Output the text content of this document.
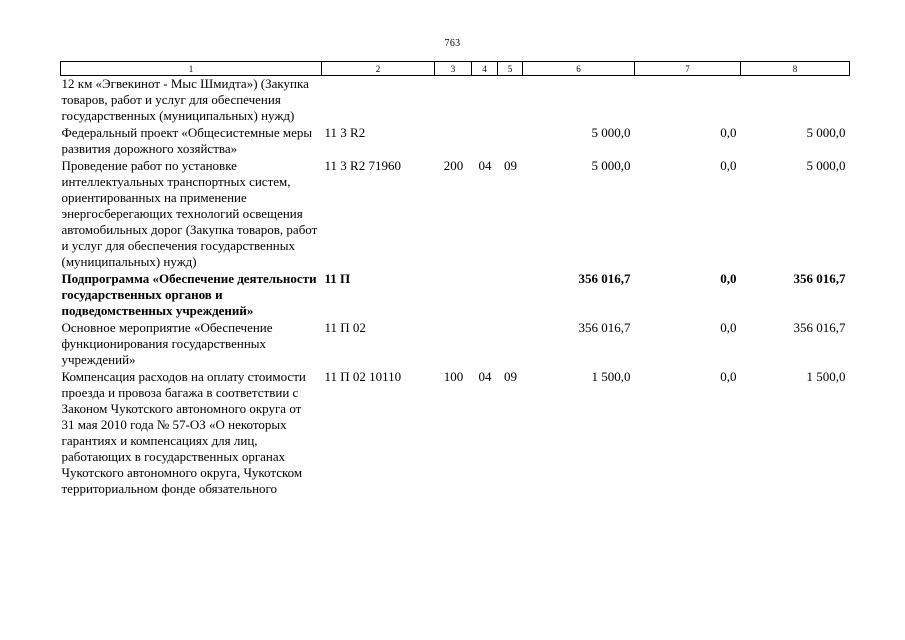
763
1	2	3	4	5	6	7	8
12 км «Эгвекинот - Мыс Шмидта») (Закупка товаров, работ и услуг для обеспечения государственных (муниципальных) нужд)							
Федеральный проект «Общесистемные меры развития дорожного хозяйства»	11 3 R2				5 000,0	0,0	5 000,0
Проведение работ по установке интеллектуальных транспортных систем, ориентированных на применение энергосберегающих технологий освещения автомобильных дорог (Закупка товаров, работ и услуг для обеспечения государственных (муниципальных) нужд)	11 3 R2 71960	200	04	09	5 000,0	0,0	5 000,0
Подпрограмма «Обеспечение деятельности государственных органов и подведомственных учреждений»	11 П				356 016,7	0,0	356 016,7
Основное мероприятие «Обеспечение функционирования государственных учреждений»	11 П 02				356 016,7	0,0	356 016,7
Компенсация расходов на оплату стоимости проезда и провоза багажа в соответствии с Законом Чукотского автономного округа от 31 мая 2010 года № 57-ОЗ «О некоторых гарантиях и компенсациях для лиц, работающих в государственных органах Чукотского автономного округа, Чукотском территориальном фонде обязательного	11 П 02 10110	100	04	09	1 500,0	0,0	1 500,0
